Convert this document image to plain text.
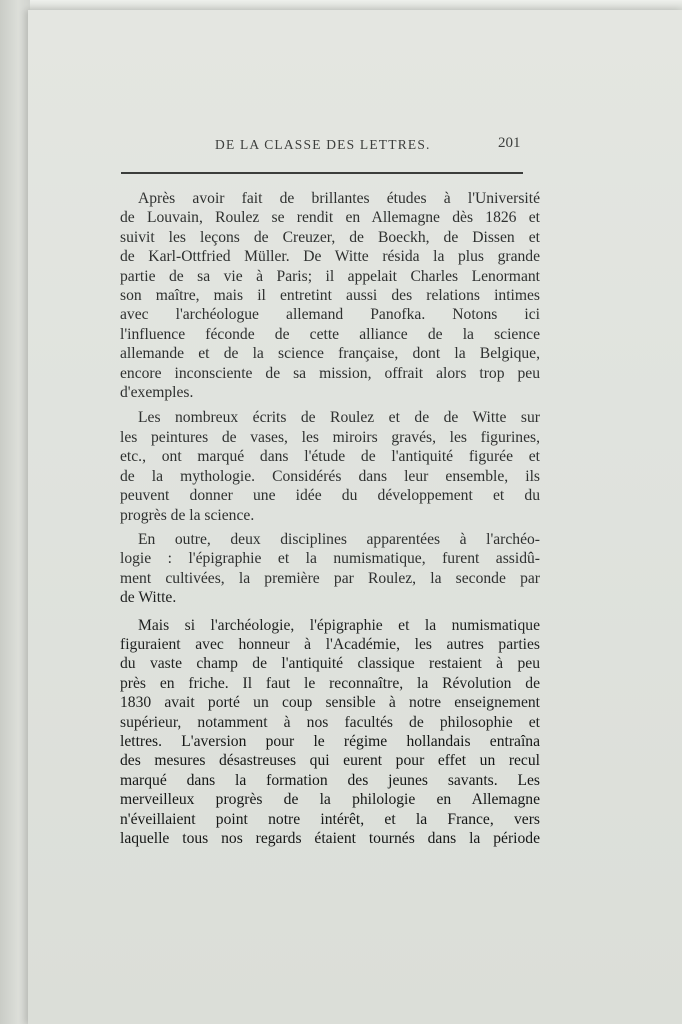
DE LA CLASSE DES LETTRES.	201
Après avoir fait de brillantes études à l'Université
de Louvain, Roulez se rendit en Allemagne dès 1826 et
suivit les leçons de Creuzer, de Boeckh, de Dissen et
de Karl-Ottfried Müller. De Witte résida la plus grande
partie de sa vie à Paris; il appelait Charles Lenormant
son maître, mais il entretint aussi des relations intimes
avec l'archéologue allemand Panofka. Notons ici
l'influence féconde de cette alliance de la science
allemande et de la science française, dont la Belgique,
encore inconsciente de sa mission, offrait alors trop peu
d'exemples.
Les nombreux écrits de Roulez et de de Witte sur
les peintures de vases, les miroirs gravés, les figurines,
etc., ont marqué dans l'étude de l'antiquité figurée et
de la mythologie. Considérés dans leur ensemble, ils
peuvent donner une idée du développement et du
progrès de la science.
En outre, deux disciplines apparentées à l'archéo-
logie : l'épigraphie et la numismatique, furent assidû-
ment cultivées, la première par Roulez, la seconde par
de Witte.
Mais si l'archéologie, l'épigraphie et la numismatique
figuraient avec honneur à l'Académie, les autres parties
du vaste champ de l'antiquité classique restaient à peu
près en friche. Il faut le reconnaître, la Révolution de
1830 avait porté un coup sensible à notre enseignement
supérieur, notamment à nos facultés de philosophie et
lettres. L'aversion pour le régime hollandais entraîna
des mesures désastreuses qui eurent pour effet un recul
marqué dans la formation des jeunes savants. Les
merveilleux progrès de la philologie en Allemagne
n'éveillaient point notre intérêt, et la France, vers
laquelle tous nos regards étaient tournés dans la période
